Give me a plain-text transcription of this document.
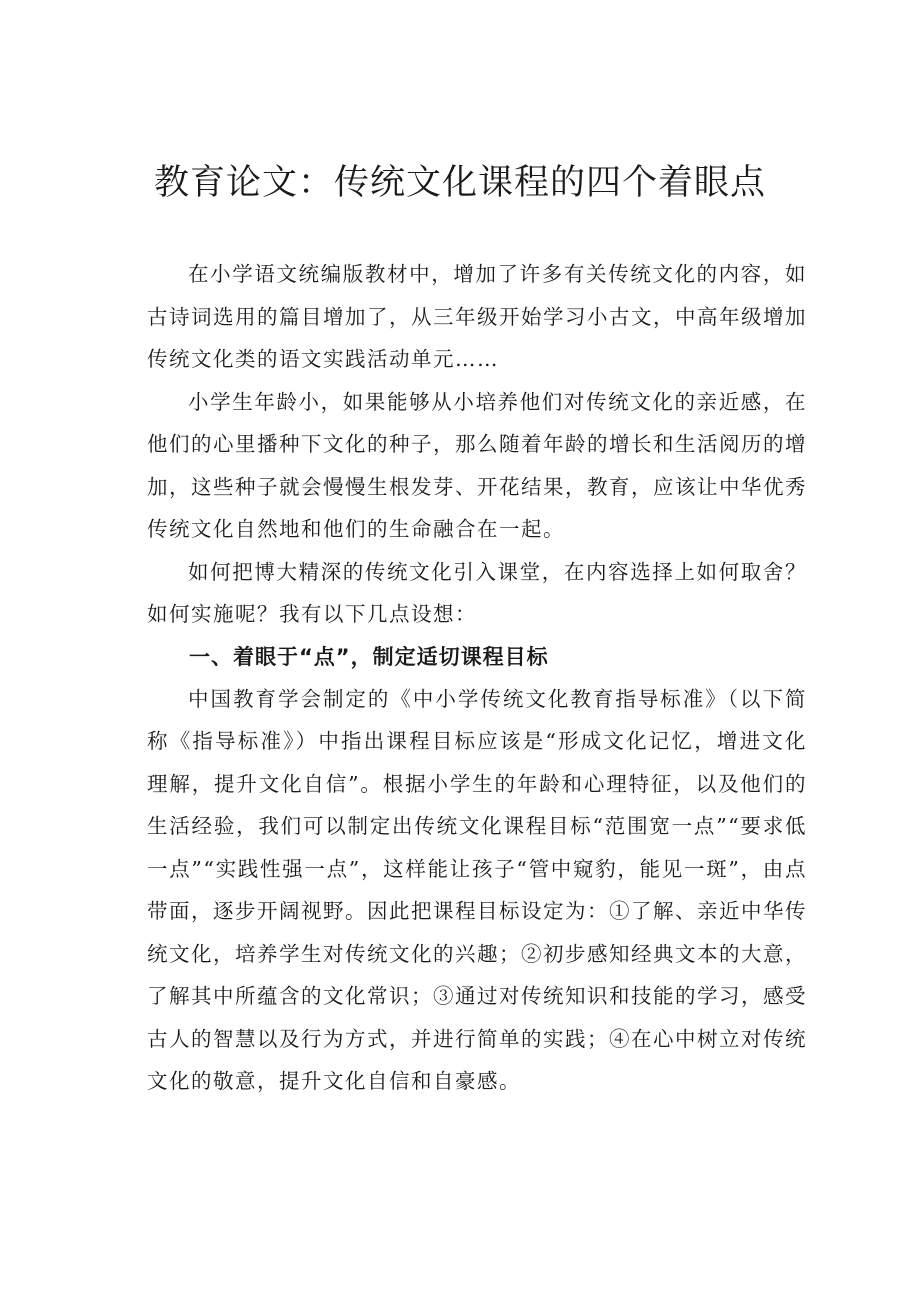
教育论文：传统文化课程的四个着眼点

在小学语文统编版教材中，增加了许多有关传统文化的内容，如古诗词选用的篇目增加了，从三年级开始学习小古文，中高年级增加传统文化类的语文实践活动单元……

小学生年龄小，如果能够从小培养他们对传统文化的亲近感，在他们的心里播种下文化的种子，那么随着年龄的增长和生活阅历的增加，这些种子就会慢慢生根发芽、开花结果，教育，应该让中华优秀传统文化自然地和他们的生命融合在一起。

如何把博大精深的传统文化引入课堂，在内容选择上如何取舍？如何实施呢？我有以下几点设想：

一、着眼于“点”，制定适切课程目标

中国教育学会制定的《中小学传统文化教育指导标准》（以下简称《指导标准》）中指出课程目标应该是“形成文化记忆，增进文化理解，提升文化自信”。根据小学生的年龄和心理特征，以及他们的生活经验，我们可以制定出传统文化课程目标“范围宽一点”“要求低一点”“实践性强一点”，这样能让孩子“管中窥豹，能见一斑”，由点带面，逐步开阔视野。因此把课程目标设定为：①了解、亲近中华传统文化，培养学生对传统文化的兴趣；②初步感知经典文本的大意，了解其中所蕴含的文化常识；③通过对传统知识和技能的学习，感受古人的智慧以及行为方式，并进行简单的实践；④在心中树立对传统文化的敬意，提升文化自信和自豪感。
